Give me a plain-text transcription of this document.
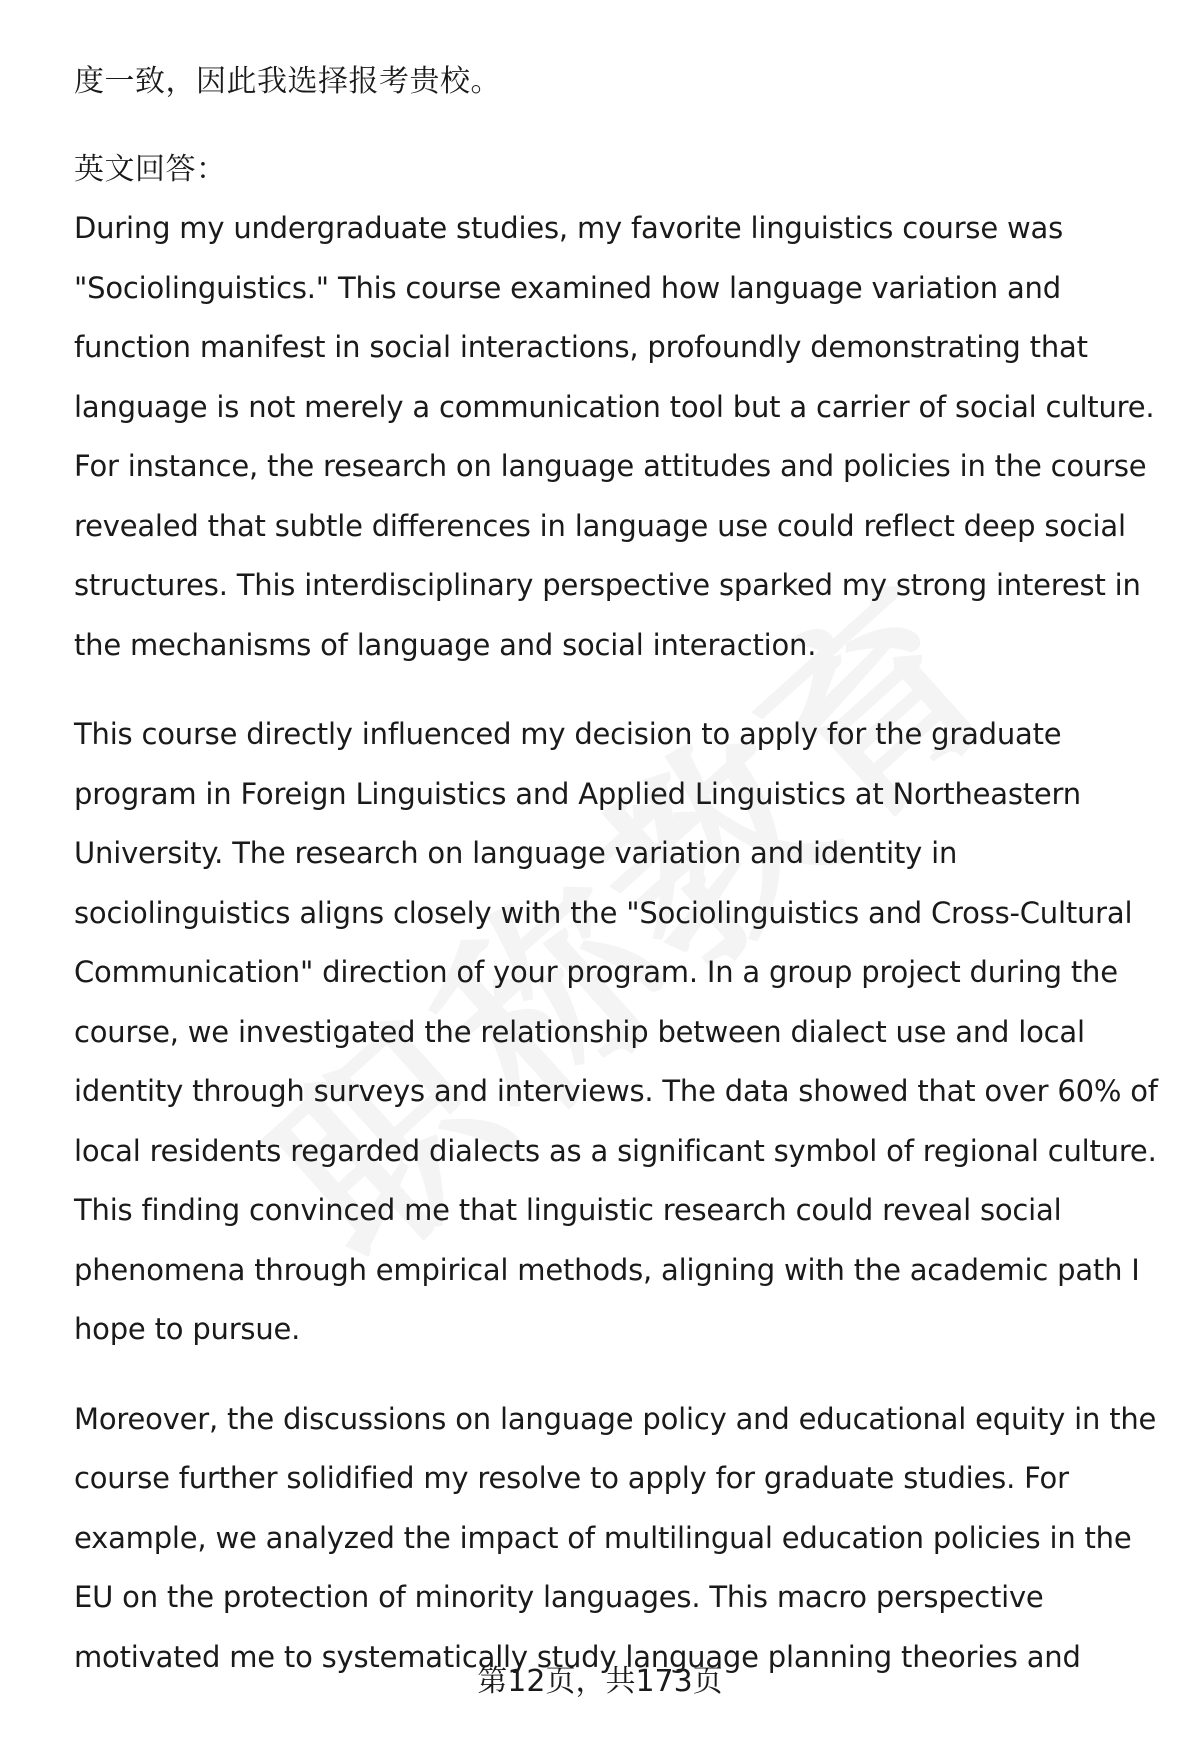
度一致，因此我选择报考贵校。
英文回答：
During my undergraduate studies, my favorite linguistics course was
"Sociolinguistics." This course examined how language variation and
function manifest in social interactions, profoundly demonstrating that
language is not merely a communication tool but a carrier of social culture.
For instance, the research on language attitudes and policies in the course
revealed that subtle differences in language use could reflect deep social
structures. This interdisciplinary perspective sparked my strong interest in
the mechanisms of language and social interaction.
This course directly influenced my decision to apply for the graduate
program in Foreign Linguistics and Applied Linguistics at Northeastern
University. The research on language variation and identity in
sociolinguistics aligns closely with the "Sociolinguistics and Cross-Cultural
Communication" direction of your program. In a group project during the
course, we investigated the relationship between dialect use and local
identity through surveys and interviews. The data showed that over 60% of
local residents regarded dialects as a significant symbol of regional culture.
This finding convinced me that linguistic research could reveal social
phenomena through empirical methods, aligning with the academic path I
hope to pursue.
Moreover, the discussions on language policy and educational equity in the
course further solidified my resolve to apply for graduate studies. For
example, we analyzed the impact of multilingual education policies in the
EU on the protection of minority languages. This macro perspective
motivated me to systematically study language planning theories and
第12页，共173页
